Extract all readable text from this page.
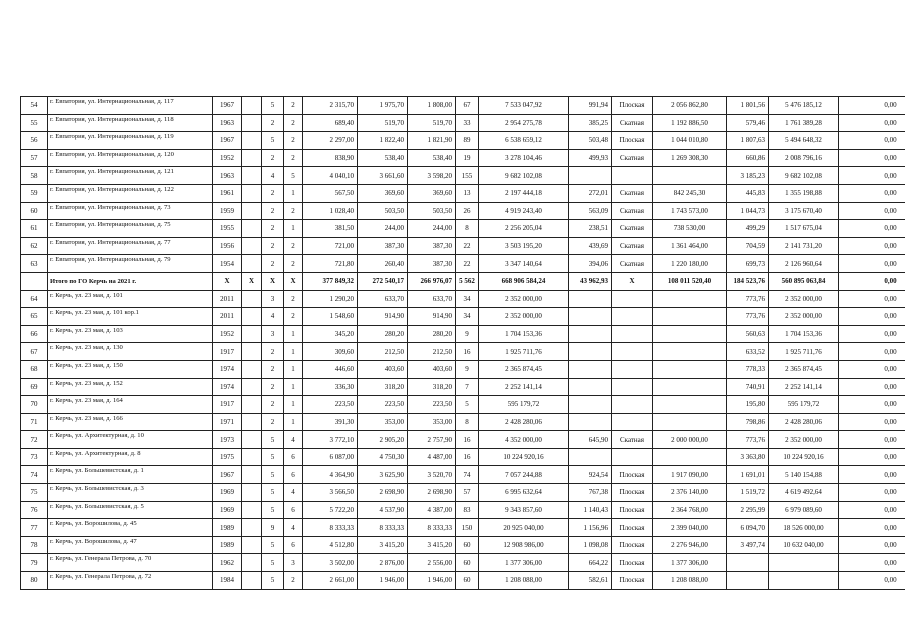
54	г. Евпатория, ул. Интернациональная, д. 117	1967		5	2	2 315,70	1 975,70	1 808,00	67	7 533 047,92	991,94	Плоская	2 056 862,80	1 801,56	5 476 185,12	0,00
55	г. Евпатория, ул. Интернациональная, д. 118	1963		2	2	689,40	519,70	519,70	33	2 954 275,78	385,25	Скатная	1 192 886,50	579,46	1 761 389,28	0,00
56	г. Евпатория, ул. Интернациональная, д. 119	1967		5	2	2 297,00	1 822,40	1 821,90	89	6 538 659,12	503,48	Плоская	1 044 010,80	1 807,63	5 494 648,32	0,00
57	г. Евпатория, ул. Интернациональная, д. 120	1952		2	2	838,90	538,40	538,40	19	3 278 104,46	499,93	Скатная	1 269 308,30	660,86	2 008 796,16	0,00
58	г. Евпатория, ул. Интернациональная, д. 121	1963		4	5	4 040,10	3 661,60	3 598,20	155	9 682 102,08				3 185,23	9 682 102,08	0,00
59	г. Евпатория, ул. Интернациональная, д. 122	1961		2	1	567,50	369,60	369,60	13	2 197 444,18	272,01	Скатная	842 245,30	445,83	1 355 198,88	0,00
60	г. Евпатория, ул. Интернациональная, д. 73	1959		2	2	1 028,40	503,50	503,50	26	4 919 243,40	563,09	Скатная	1 743 573,00	1 044,73	3 175 670,40	0,00
61	г. Евпатория, ул. Интернациональная, д. 75	1955		2	1	381,50	244,00	244,00	8	2 256 205,04	238,51	Скатная	738 530,00	499,29	1 517 675,04	0,00
62	г. Евпатория, ул. Интернациональная, д. 77	1956		2	2	721,00	387,30	387,30	22	3 503 195,20	439,69	Скатная	1 361 464,00	704,59	2 141 731,20	0,00
63	г. Евпатория, ул. Интернациональная, д. 79	1954		2	2	721,80	260,40	387,30	22	3 347 140,64	394,06	Скатная	1 220 180,00	699,73	2 126 960,64	0,00
	Итого по ГО Керчь на 2021 г.	X	X	X	X	377 849,32	272 540,17	266 976,07	5 562	668 906 584,24	43 962,93	X	108 011 520,40	184 523,76	560 895 063,84	0,00
64	г. Керчь, ул. 23 мая, д. 101	2011		3	2	1 290,20	633,70	633,70	34	2 352 000,00				773,76	2 352 000,00	0,00
65	г. Керчь, ул. 23 мая, д. 101 кор.1	2011		4	2	1 548,60	914,90	914,90	34	2 352 000,00				773,76	2 352 000,00	0,00
66	г. Керчь, ул. 23 мая, д. 103	1952		3	1	345,20	280,20	280,20	9	1 704 153,36				560,63	1 704 153,36	0,00
67	г. Керчь, ул. 23 мая, д. 130	1917		2	1	309,60	212,50	212,50	16	1 925 711,76				633,52	1 925 711,76	0,00
68	г. Керчь, ул. 23 мая, д. 150	1974		2	1	446,60	403,60	403,60	9	2 365 874,45				778,33	2 365 874,45	0,00
69	г. Керчь, ул. 23 мая, д. 152	1974		2	1	336,30	318,20	318,20	7	2 252 141,14				740,91	2 252 141,14	0,00
70	г. Керчь, ул. 23 мая, д. 164	1917		2	1	223,50	223,50	223,50	5	595 179,72				195,80	595 179,72	0,00
71	г. Керчь, ул. 23 мая, д. 166	1971		2	1	391,30	353,00	353,00	8	2 428 280,06				798,86	2 428 280,06	0,00
72	г. Керчь, ул. Архитектурная, д. 10	1973		5	4	3 772,10	2 905,20	2 757,90	16	4 352 000,00	645,90	Скатная	2 000 000,00	773,76	2 352 000,00	0,00
73	г. Керчь, ул. Архитектурная, д. 8	1975		5	6	6 087,00	4 750,30	4 487,00	16	10 224 920,16				3 363,80	10 224 920,16	0,00
74	г. Керчь, ул. Большевистская, д. 1	1967		5	6	4 364,90	3 625,90	3 520,70	74	7 057 244,88	924,54	Плоская	1 917 090,00	1 691,01	5 140 154,88	0,00
75	г. Керчь, ул. Большевистская, д. 3	1969		5	4	3 566,50	2 698,90	2 698,90	57	6 995 632,64	767,38	Плоская	2 376 140,00	1 519,72	4 619 492,64	0,00
76	г. Керчь, ул. Большевистская, д. 5	1969		5	6	5 722,20	4 537,90	4 387,00	83	9 343 857,60	1 140,43	Плоская	2 364 768,00	2 295,99	6 979 089,60	0,00
77	г. Керчь, ул. Ворошилова, д. 45	1989		9	4	8 333,33	8 333,33	8 333,33	150	20 925 040,00	1 156,96	Плоская	2 399 040,00	6 094,70	18 526 000,00	0,00
78	г. Керчь, ул. Ворошилова, д. 47	1989		5	6	4 512,80	3 415,20	3 415,20	60	12 908 986,00	1 098,08	Плоская	2 276 946,00	3 497,74	10 632 040,00	0,00
79	г. Керчь, ул. Генерала Петрова, д. 70	1962		5	3	3 502,00	2 876,00	2 556,00	60	1 377 306,00	664,22	Плоская	1 377 306,00			0,00
80	г. Керчь, ул. Генерала Петрова, д. 72	1984		5	2	2 661,00	1 946,00	1 946,00	60	1 208 088,00	582,61	Плоская	1 208 088,00			0,00
